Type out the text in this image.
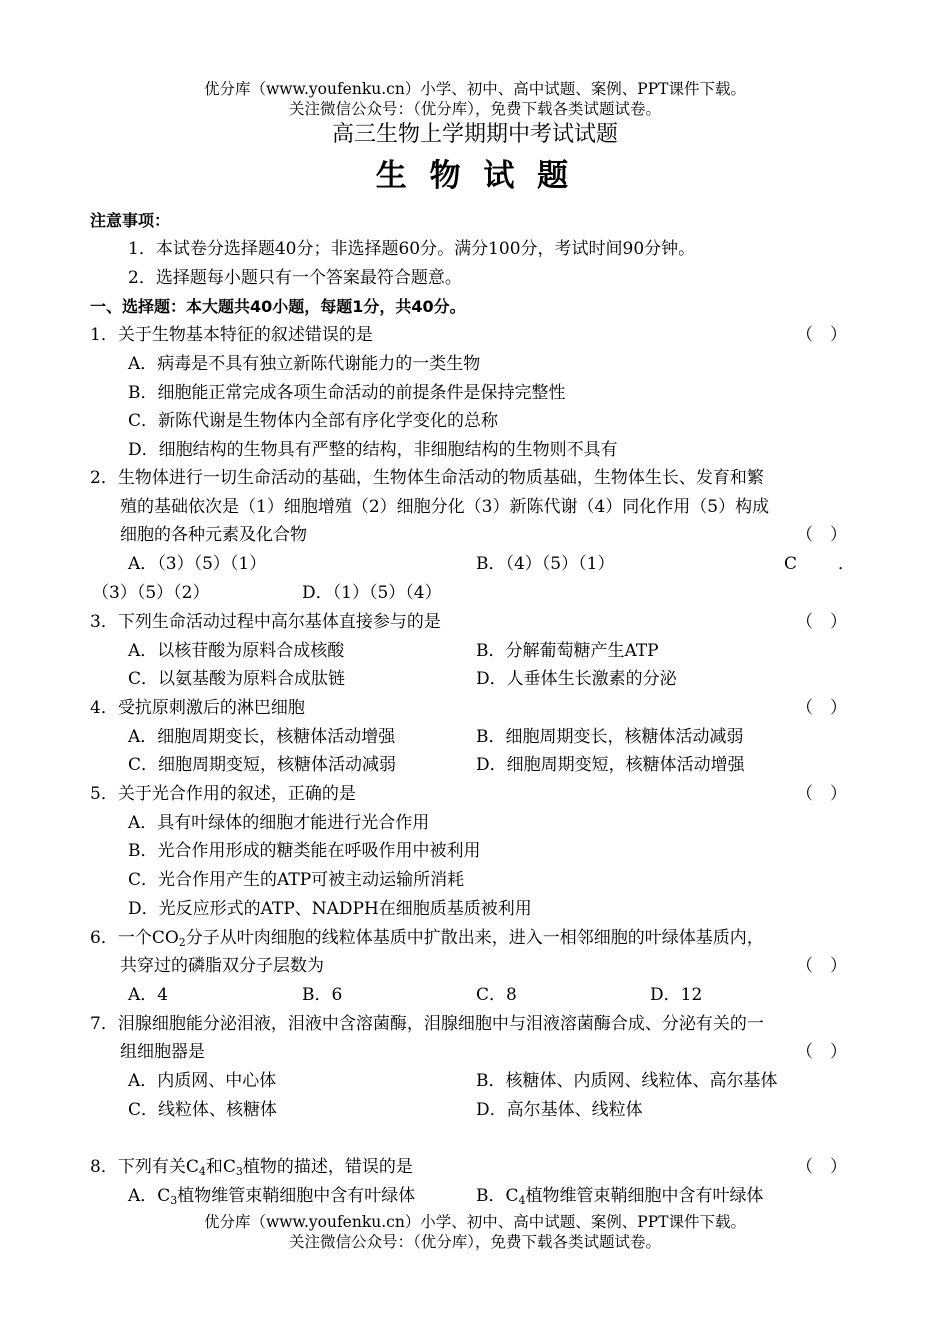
优分库（www.youfenku.cn）小学、初中、高中试题、案例、PPT课件下载。
关注微信公众号：（优分库），免费下载各类试题试卷。
高三生物上学期期中考试试题
生 物 试 题
注意事项：
1．本试卷分选择题40分；非选择题60分。满分100分，考试时间90分钟。
2．选择题每小题只有一个答案最符合题意。
一、选择题：本大题共40小题，每题1分，共40分。
1．关于生物基本特征的叙述错误的是	（　）
A．病毒是不具有独立新陈代谢能力的一类生物
B．细胞能正常完成各项生命活动的前提条件是保持完整性
C．新陈代谢是生物体内全部有序化学变化的总称
D．细胞结构的生物具有严整的结构，非细胞结构的生物则不具有
2．生物体进行一切生命活动的基础，生物体生命活动的物质基础，生物体生长、发育和繁
殖的基础依次是（1）细胞增殖（2）细胞分化（3）新陈代谢（4）同化作用（5）构成
细胞的各种元素及化合物	（　）
A．（3）（5）（1）	B．（4）（5）（1）	C ．
（3）（5）（2）	D．（1）（5）（4）
3．下列生命活动过程中高尔基体直接参与的是	（　）
A．以核苷酸为原料合成核酸	B．分解葡萄糖产生ATP
C．以氨基酸为原料合成肽链	D．人垂体生长激素的分泌
4．受抗原刺激后的淋巴细胞	（　）
A．细胞周期变长，核糖体活动增强	B．细胞周期变长，核糖体活动减弱
C．细胞周期变短，核糖体活动减弱	D．细胞周期变短，核糖体活动增强
5．关于光合作用的叙述，正确的是	（　）
A．具有叶绿体的细胞才能进行光合作用
B．光合作用形成的糖类能在呼吸作用中被利用
C．光合作用产生的ATP可被主动运输所消耗
D．光反应形式的ATP、NADPH在细胞质基质被利用
6．一个$CO_2$分子从叶肉细胞的线粒体基质中扩散出来，进入一相邻细胞的叶绿体基质内，
共穿过的磷脂双分子层数为	（　）
A．4	B．6	C．8	D．12
7．泪腺细胞能分泌泪液，泪液中含溶菌酶，泪腺细胞中与泪液溶菌酶合成、分泌有关的一
组细胞器是	（　）
A．内质网、中心体	B．核糖体、内质网、线粒体、高尔基体
C．线粒体、核糖体	D．高尔基体、线粒体
8．下列有关$C_4$和$C_3$植物的描述，错误的是	（　）
A．$C_3$植物维管束鞘细胞中含有叶绿体	B．$C_4$植物维管束鞘细胞中含有叶绿体
优分库（www.youfenku.cn）小学、初中、高中试题、案例、PPT课件下载。
关注微信公众号：（优分库），免费下载各类试题试卷。
